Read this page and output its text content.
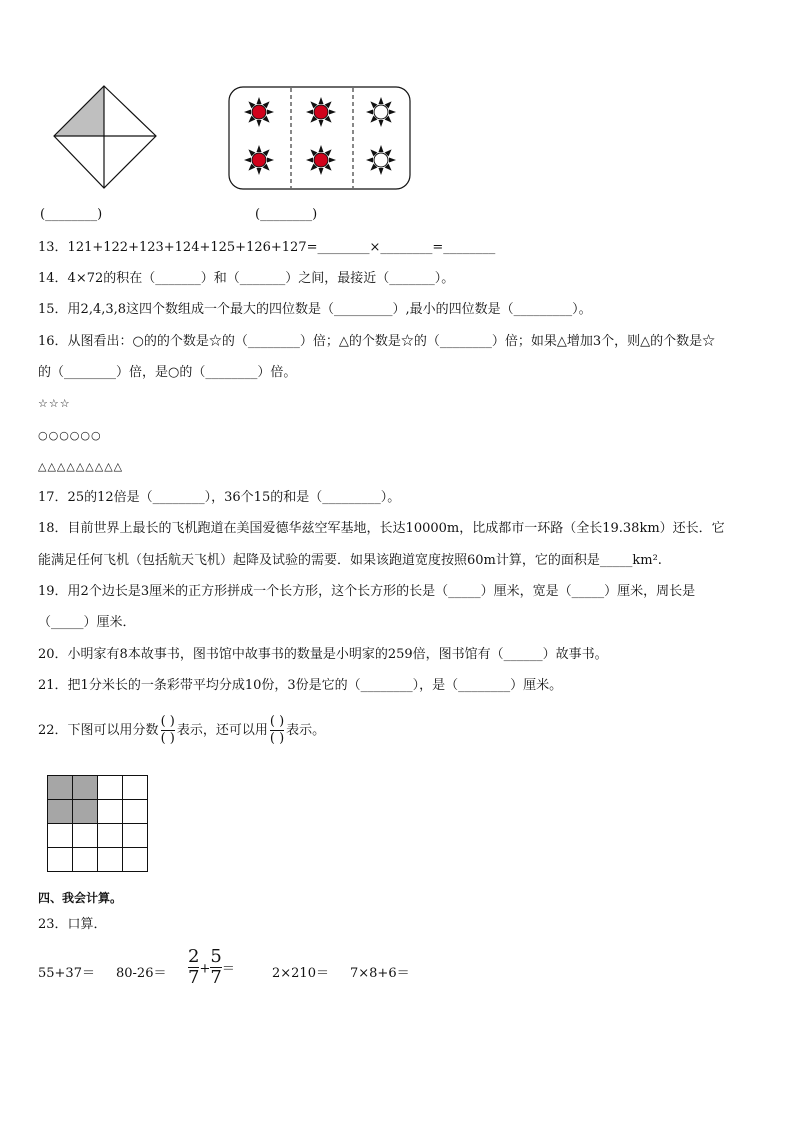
(________)	(________)
13．121+122+123+124+125+126+127=________×________=________
14．4×72的积在（_______）和（_______）之间，最接近（_______）。
15．用2,4,3,8这四个数组成一个最大的四位数是（_________）,最小的四位数是（_________）。
16．从图看出：○的的个数是☆的（________）倍；△的个数是☆的（________）倍；如果△增加3个，则△的个数是☆
的（________）倍，是○的（________）倍。
☆☆☆
○○○○○○
△△△△△△△△△
17．25的12倍是（________），36个15的和是（_________）。
18．目前世界上最长的飞机跑道在美国爱德华兹空军基地，长达10000m，比成都市一环路（全长19.38km）还长．它
能满足任何飞机（包括航天飞机）起降及试验的需要．如果该跑道宽度按照60m计算，它的面积是_____km².
19．用2个边长是3厘米的正方形拼成一个长方形，这个长方形的长是（_____）厘米，宽是（_____）厘米，周长是
（_____）厘米．
20．小明家有8本故事书，图书馆中故事书的数量是小明家的259倍，图书馆有（______）故事书。
21．把1分米长的一条彩带平均分成10份，3份是它的（________），是（________）厘米。
22．下图可以用分数 $\frac{( )}{( )}$ 表示，还可以用 $\frac{( )}{( )}$ 表示。

四、我会计算。
23．口算．
$55+37= 80-26= \frac{2}{7} + \frac{5}{7}$ ＝	2×210＝ 7×8+6＝
